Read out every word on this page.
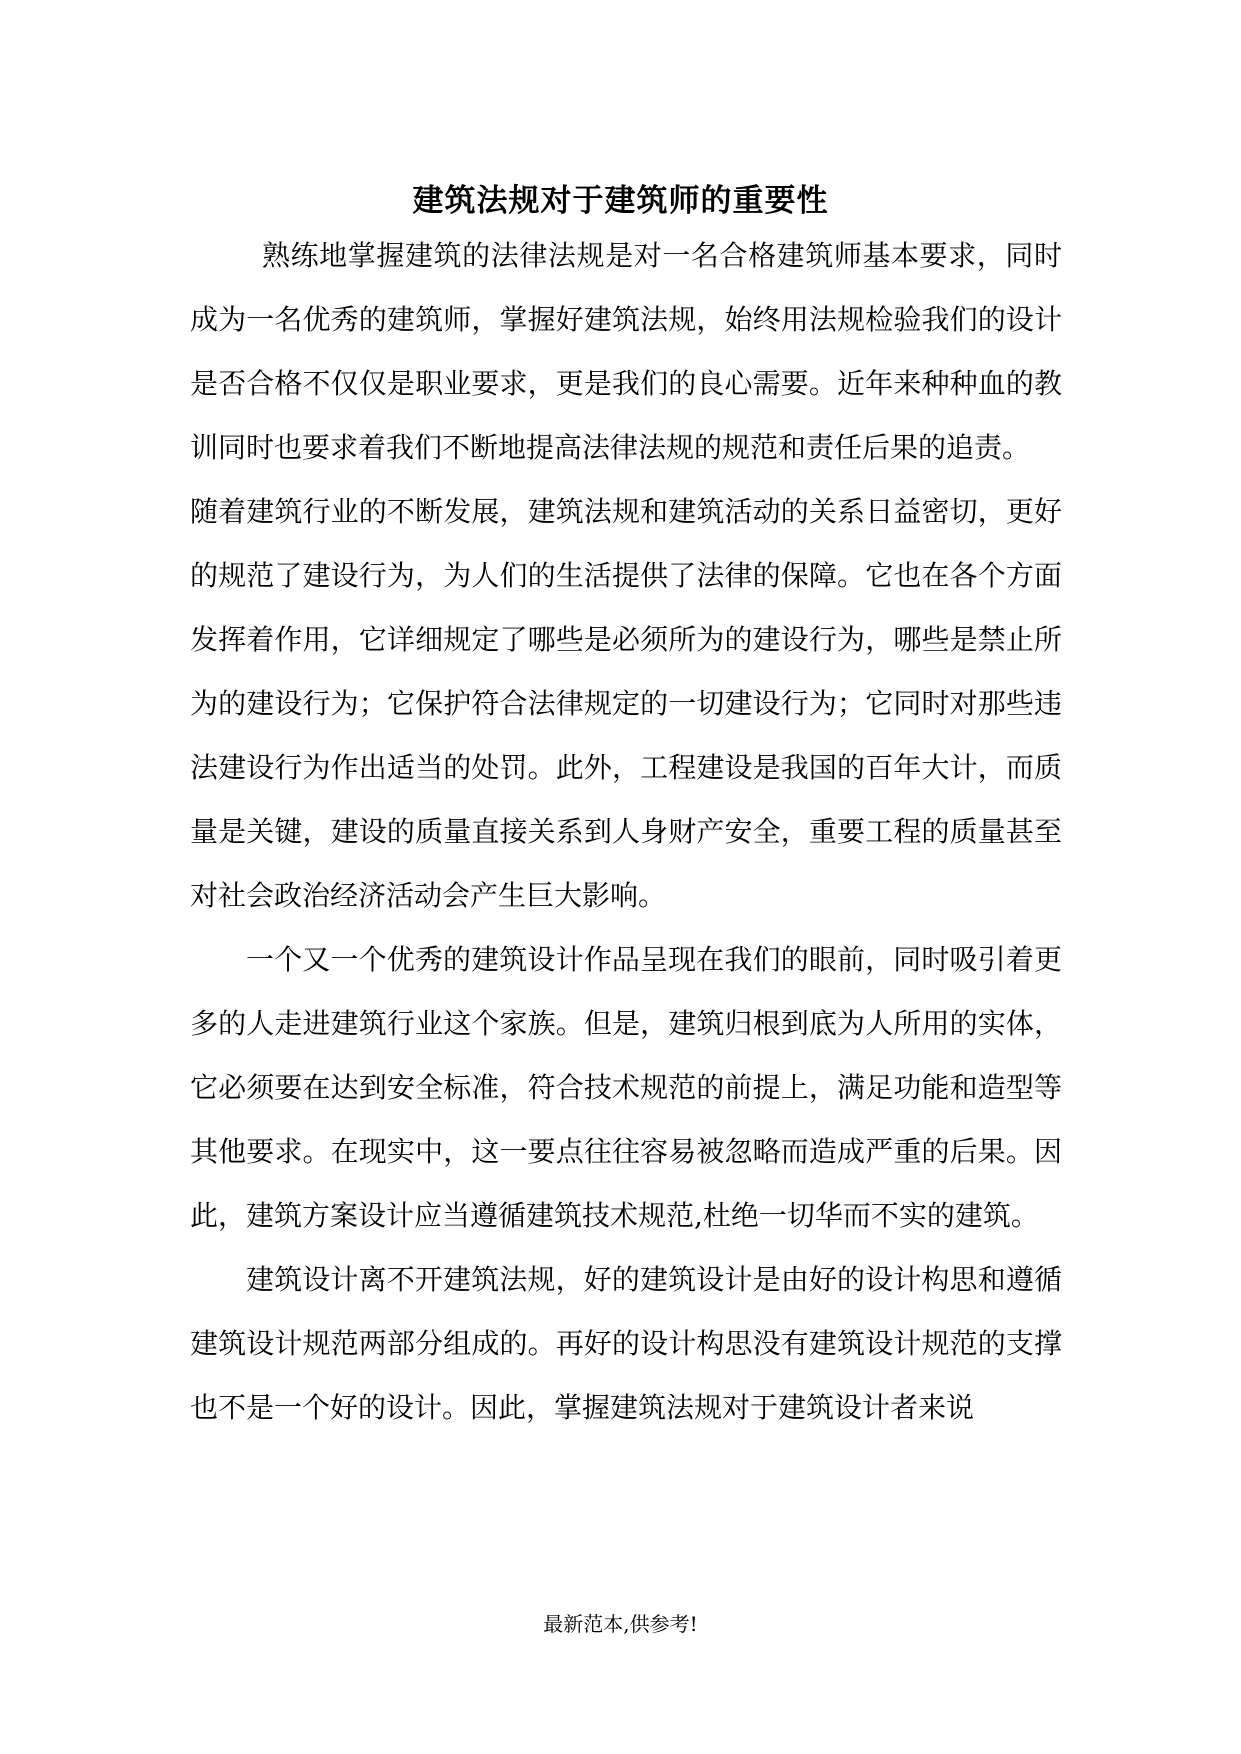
建筑法规对于建筑师的重要性

熟练地掌握建筑的法律法规是对一名合格建筑师基本要求，同时成为一名优秀的建筑师，掌握好建筑法规，始终用法规检验我们的设计是否合格不仅仅是职业要求，更是我们的良心需要。近年来种种血的教训同时也要求着我们不断地提高法律法规的规范和责任后果的追责。

随着建筑行业的不断发展，建筑法规和建筑活动的关系日益密切，更好的规范了建设行为，为人们的生活提供了法律的保障。它也在各个方面发挥着作用，它详细规定了哪些是必须所为的建设行为，哪些是禁止所为的建设行为；它保护符合法律规定的一切建设行为；它同时对那些违法建设行为作出适当的处罚。此外，工程建设是我国的百年大计，而质量是关键，建设的质量直接关系到人身财产安全，重要工程的质量甚至对社会政治经济活动会产生巨大影响。

一个又一个优秀的建筑设计作品呈现在我们的眼前，同时吸引着更多的人走进建筑行业这个家族。但是，建筑归根到底为人所用的实体，它必须要在达到安全标准，符合技术规范的前提上，满足功能和造型等其他要求。在现实中，这一要点往往容易被忽略而造成严重的后果。因此，建筑方案设计应当遵循建筑技术规范,杜绝一切华而不实的建筑。

建筑设计离不开建筑法规，好的建筑设计是由好的设计构思和遵循建筑设计规范两部分组成的。再好的设计构思没有建筑设计规范的支撑也不是一个好的设计。因此，掌握建筑法规对于建筑设计者来说

最新范本,供参考!
